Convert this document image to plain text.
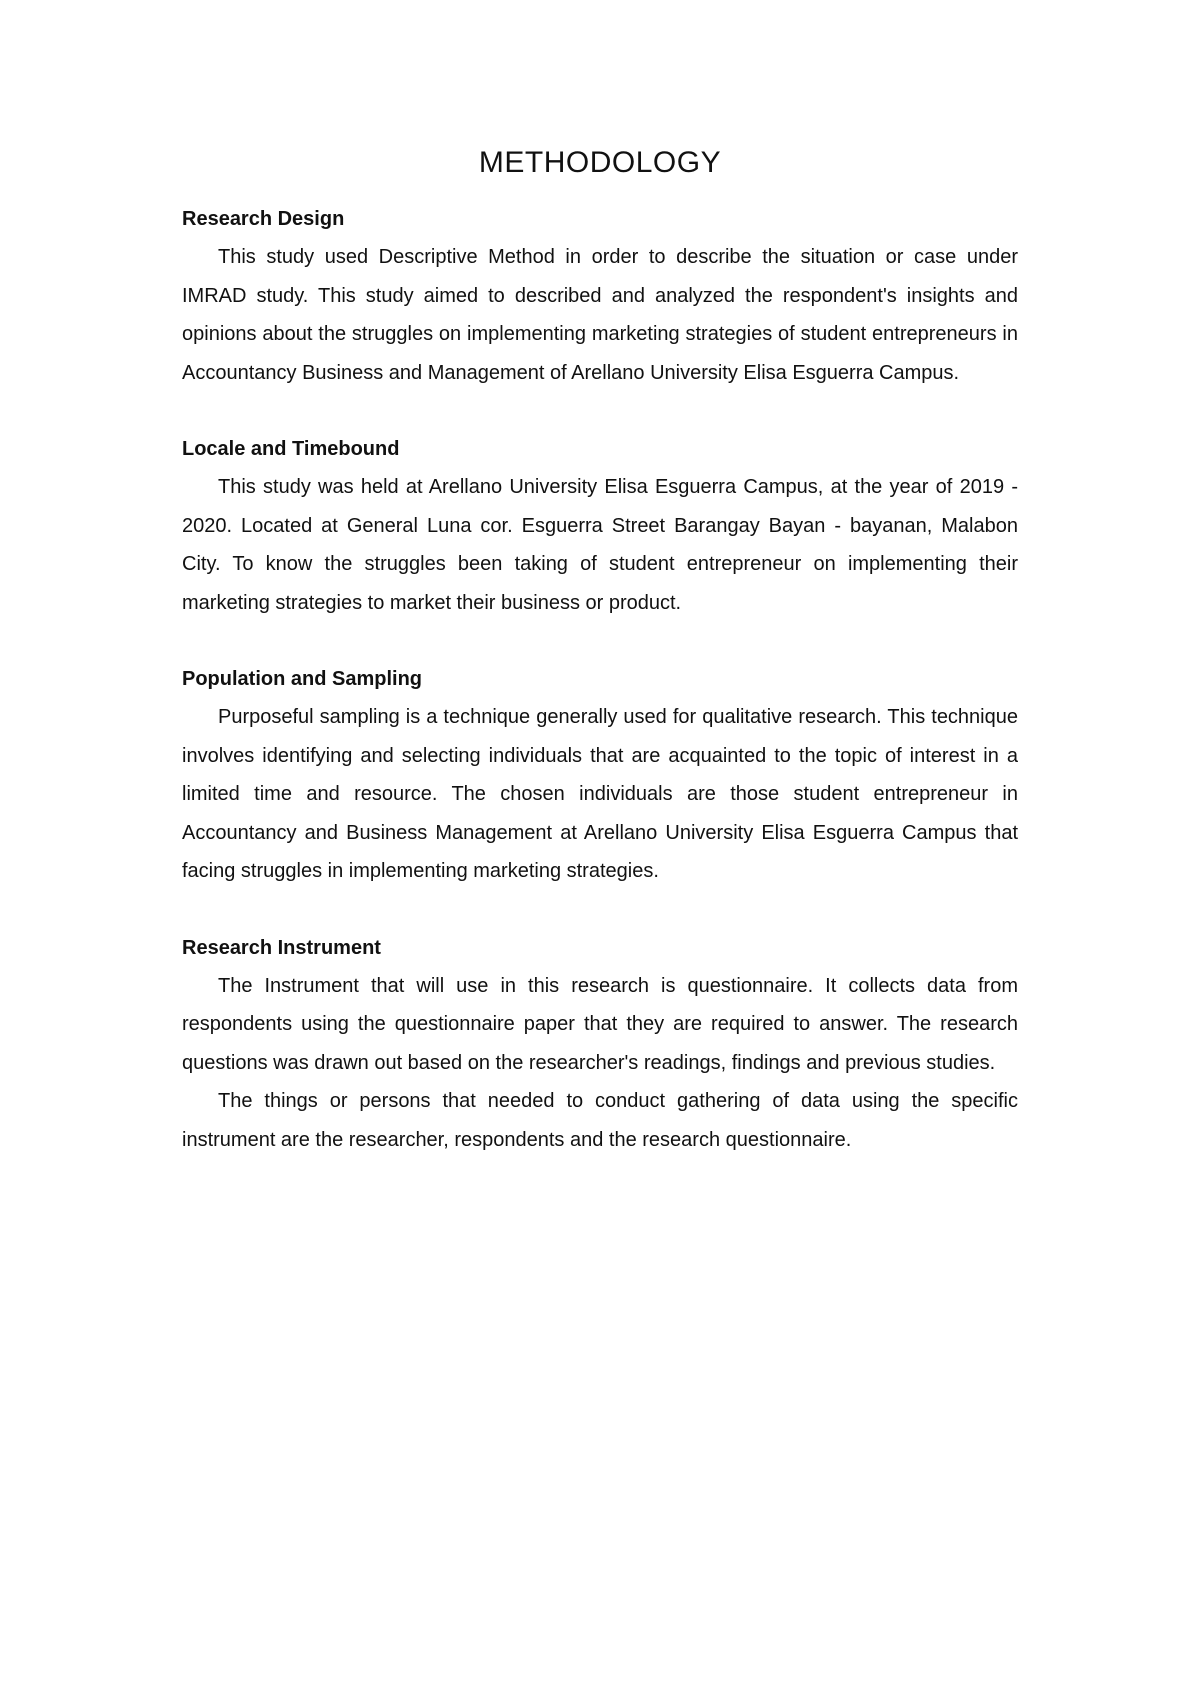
METHODOLOGY
Research Design

This study used Descriptive Method in order to describe the situation or case under IMRAD study. This study aimed to described and analyzed the respondent's insights and opinions about the struggles on implementing marketing strategies of student entrepreneurs in Accountancy Business and Management of Arellano University Elisa Esguerra Campus.

Locale and Timebound

This study was held at Arellano University Elisa Esguerra Campus, at the year of 2019 - 2020. Located at General Luna cor. Esguerra Street Barangay Bayan - bayanan, Malabon City. To know the struggles been taking of student entrepreneur on implementing their marketing strategies to market their business or product.

Population and Sampling

Purposeful sampling is a technique generally used for qualitative research. This technique involves identifying and selecting individuals that are acquainted to the topic of interest in a limited time and resource. The chosen individuals are those student entrepreneur in Accountancy and Business Management at Arellano University Elisa Esguerra Campus that facing struggles in implementing marketing strategies.

Research Instrument

The Instrument that will use in this research is questionnaire. It collects data from respondents using the questionnaire paper that they are required to answer. The research questions was drawn out based on the researcher's readings, findings and previous studies.

The things or persons that needed to conduct gathering of data using the specific instrument are the researcher, respondents and the research questionnaire.
